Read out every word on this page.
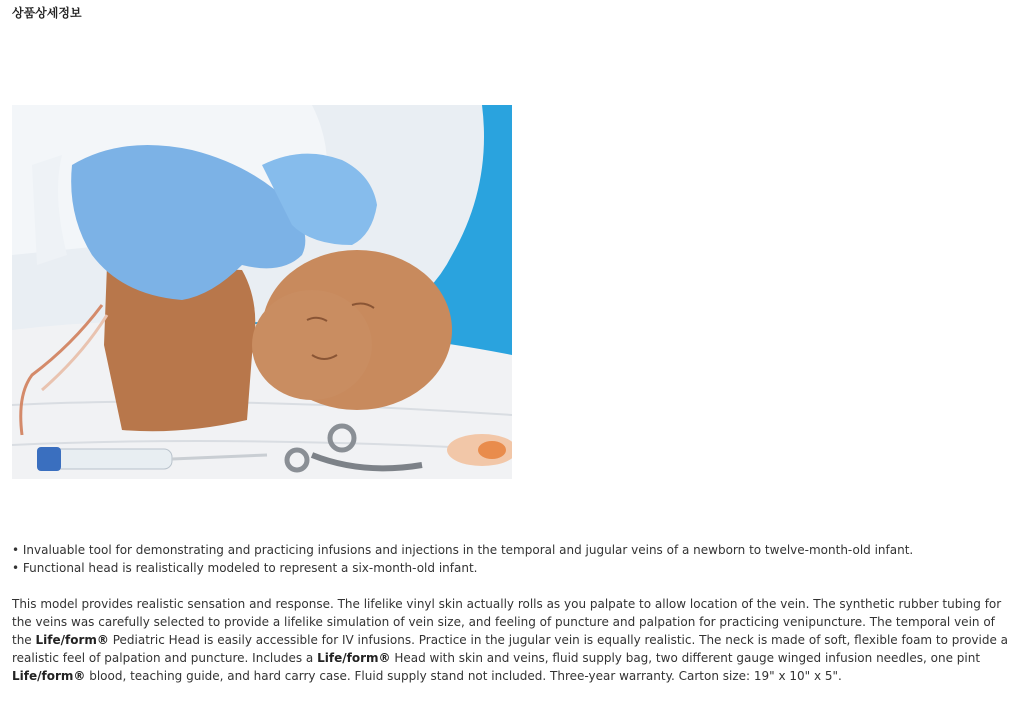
상품상세정보
• Invaluable tool for demonstrating and practicing infusions and injections in the temporal and jugular veins of a newborn to twelve-month-old infant.
• Functional head is realistically modeled to represent a six-month-old infant.

This model provides realistic sensation and response. The lifelike vinyl skin actually rolls as you palpate to allow location of the vein. The synthetic rubber tubing for the veins was carefully selected to provide a lifelike simulation of vein size, and feeling of puncture and palpation for practicing venipuncture. The temporal vein of the Life/form® Pediatric Head is easily accessible for IV infusions. Practice in the jugular vein is equally realistic. The neck is made of soft, flexible foam to provide a realistic feel of palpation and puncture. Includes a Life/form® Head with skin and veins, fluid supply bag, two different gauge winged infusion needles, one pint Life/form® blood, teaching guide, and hard carry case. Fluid supply stand not included. Three-year warranty. Carton size: 19" x 10" x 5".
